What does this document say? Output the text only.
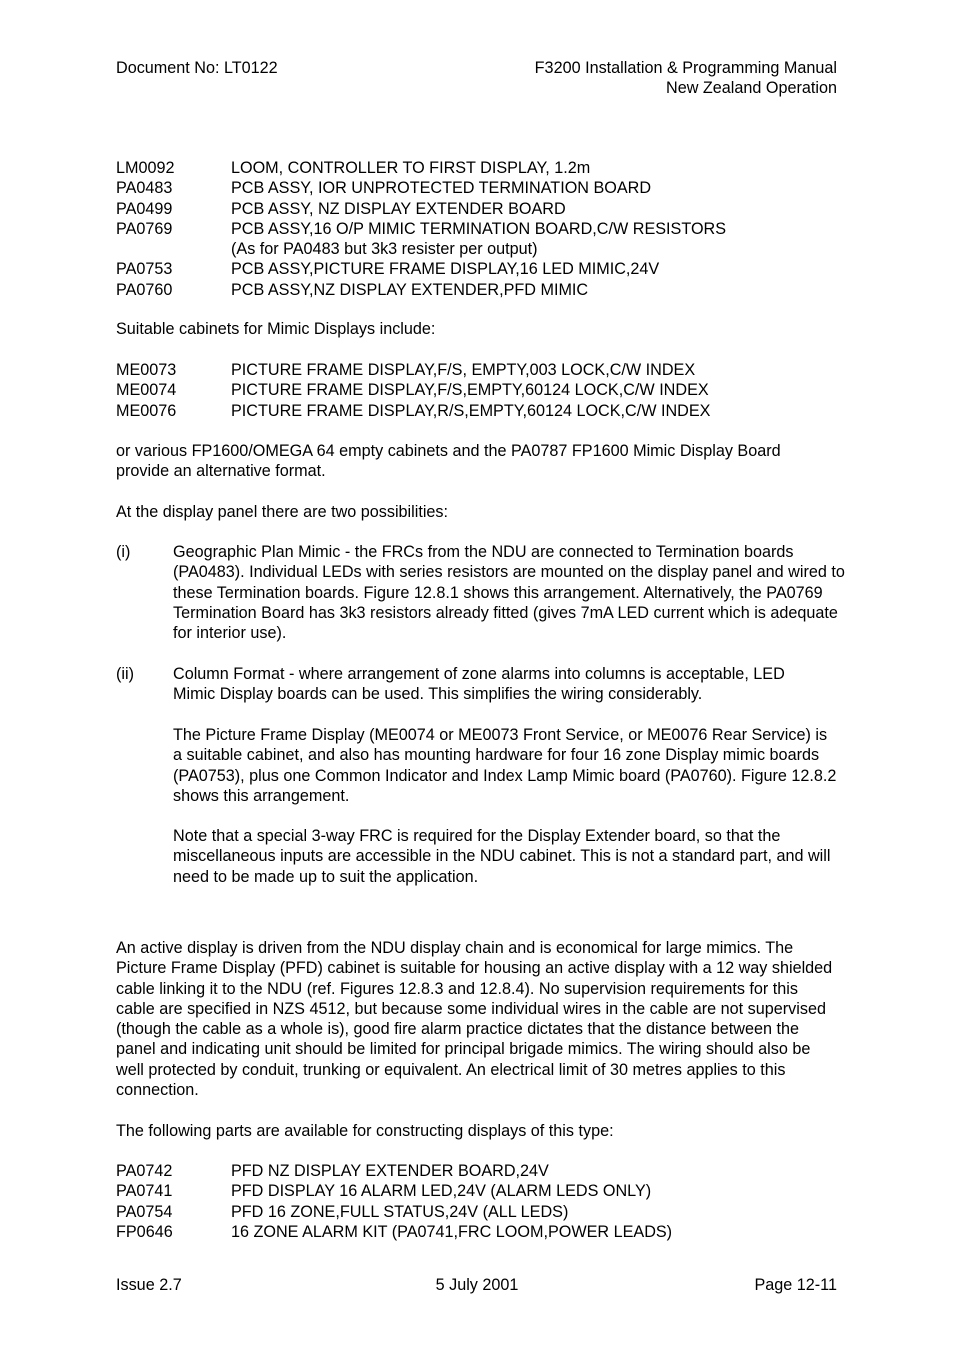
Document No: LT0122	F3200 Installation & Programming Manual
New Zealand Operation
LM0092	LOOM, CONTROLLER TO FIRST DISPLAY, 1.2m
PA0483	PCB ASSY, IOR UNPROTECTED TERMINATION BOARD
PA0499	PCB ASSY, NZ DISPLAY EXTENDER BOARD
PA0769	PCB ASSY,16 O/P MIMIC TERMINATION BOARD,C/W RESISTORS
(As for PA0483 but 3k3 resister per output)
PA0753	PCB ASSY,PICTURE FRAME DISPLAY,16 LED MIMIC,24V
PA0760	PCB ASSY,NZ DISPLAY EXTENDER,PFD MIMIC
Suitable cabinets for Mimic Displays include:
ME0073	PICTURE FRAME DISPLAY,F/S, EMPTY,003 LOCK,C/W INDEX
ME0074	PICTURE FRAME DISPLAY,F/S,EMPTY,60124 LOCK,C/W INDEX
ME0076	PICTURE FRAME DISPLAY,R/S,EMPTY,60124 LOCK,C/W INDEX
or various FP1600/OMEGA 64 empty cabinets and the PA0787 FP1600 Mimic Display Board provide an alternative format.
At the display panel there are two possibilities:
(i)	Geographic Plan Mimic - the FRCs from the NDU are connected to Termination boards (PA0483). Individual LEDs with series resistors are mounted on the display panel and wired to these Termination boards. Figure 12.8.1 shows this arrangement. Alternatively, the PA0769 Termination Board has 3k3 resistors already fitted (gives 7mA LED current which is adequate for interior use).
(ii)	Column Format - where arrangement of zone alarms into columns is acceptable, LED Mimic Display boards can be used. This simplifies the wiring considerably.
The Picture Frame Display (ME0074 or ME0073 Front Service, or ME0076 Rear Service) is a suitable cabinet, and also has mounting hardware for four 16 zone Display mimic boards (PA0753), plus one Common Indicator and Index Lamp Mimic board (PA0760). Figure 12.8.2 shows this arrangement.
Note that a special 3-way FRC is required for the Display Extender board, so that the miscellaneous inputs are accessible in the NDU cabinet. This is not a standard part, and will need to be made up to suit the application.
An active display is driven from the NDU display chain and is economical for large mimics. The Picture Frame Display (PFD) cabinet is suitable for housing an active display with a 12 way shielded cable linking it to the NDU (ref. Figures 12.8.3 and 12.8.4). No supervision requirements for this cable are specified in NZS 4512, but because some individual wires in the cable are not supervised (though the cable as a whole is), good fire alarm practice dictates that the distance between the panel and indicating unit should be limited for principal brigade mimics. The wiring should also be well protected by conduit, trunking or equivalent. An electrical limit of 30 metres applies to this connection.
The following parts are available for constructing displays of this type:
PA0742	PFD NZ DISPLAY EXTENDER BOARD,24V
PA0741	PFD DISPLAY 16 ALARM LED,24V (ALARM LEDS ONLY)
PA0754	PFD 16 ZONE,FULL STATUS,24V (ALL LEDS)
FP0646	16 ZONE ALARM KIT (PA0741,FRC LOOM,POWER LEADS)
Issue 2.7	5 July 2001	Page 12-11
